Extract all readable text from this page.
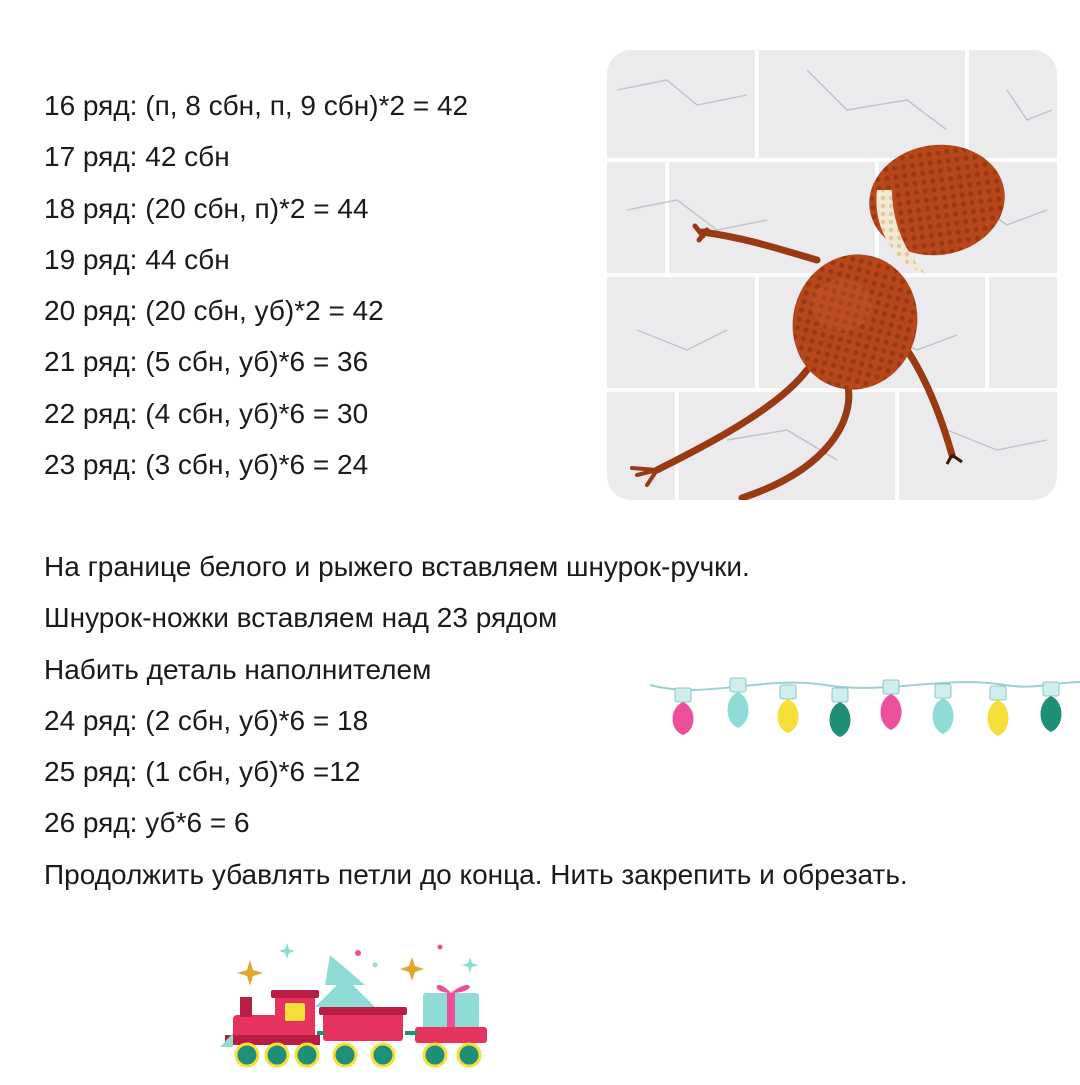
16 ряд: (п, 8 сбн, п, 9 сбн)*2 = 42
17 ряд: 42 сбн
18 ряд: (20 сбн, п)*2 = 44
19 ряд: 44 сбн
20 ряд: (20 сбн, уб)*2 = 42
21 ряд: (5 сбн, уб)*6 = 36
22 ряд: (4 сбн, уб)*6 = 30
23 ряд: (3 сбн, уб)*6 = 24
На границе белого и рыжего вставляем шнурок-ручки.
Шнурок-ножки вставляем над 23 рядом
Набить деталь наполнителем
24 ряд: (2 сбн, уб)*6 = 18
25 ряд: (1 сбн, уб)*6 =12
26 ряд: уб*6 = 6
Продолжить убавлять петли до конца. Нить закрепить и обрезать.
